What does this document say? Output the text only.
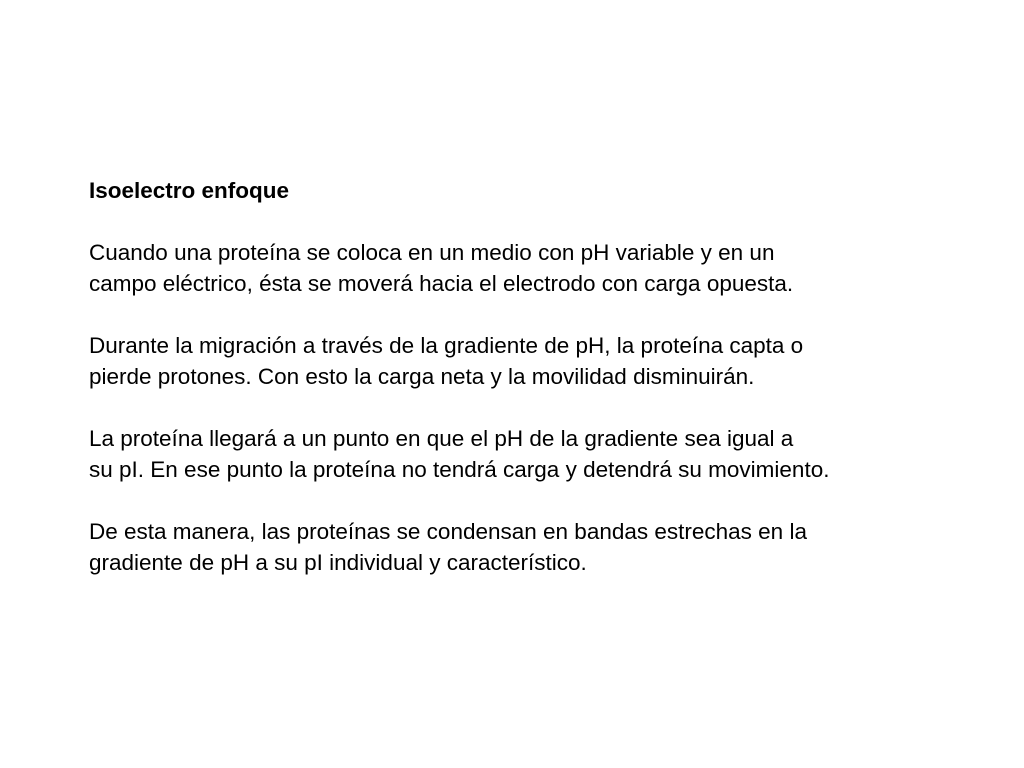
Isoelectro enfoque
Cuando una proteína se coloca en un medio con pH variable y en un
campo eléctrico, ésta se moverá hacia el electrodo con carga opuesta.
Durante la migración a través de la gradiente de pH, la proteína capta o
pierde protones. Con esto la carga neta y la movilidad disminuirán.
La proteína llegará a un punto en que el pH de la gradiente sea igual a
su pI. En ese punto la proteína no tendrá carga y detendrá su movimiento.
De esta manera, las proteínas se condensan en bandas estrechas en la
gradiente de pH a su pI individual y característico.
